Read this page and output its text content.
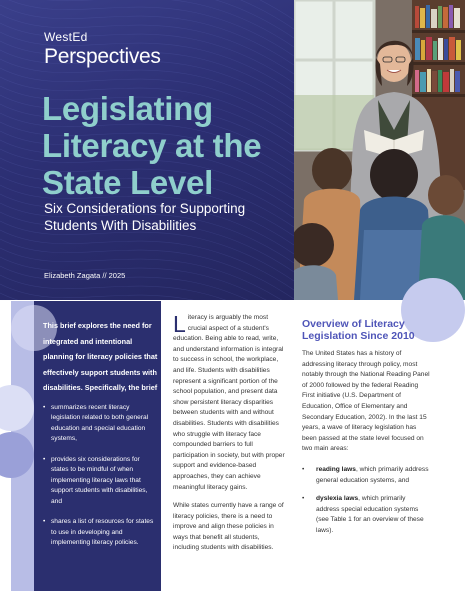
WestEd
Perspectives
Legislating Literacy at the State Level
Six Considerations for Supporting Students With Disabilities
Elizabeth Zagata // 2025

This brief explores the need for integrated and intentional planning for literacy policies that effectively support students with disabilities. Specifically, the brief

• summarizes recent literacy legislation related to both general education and special education systems,
• provides six considerations for states to be mindful of when implementing literacy laws that support students with disabilities, and
• shares a list of resources for states to use in developing and implementing literacy policies.

Literacy is arguably the most crucial aspect of a student's education. Being able to read, write, and understand information is integral to success in school, the workplace, and life. Students with disabilities represent a significant portion of the school population, and present data show persistent literacy disparities between students with and without disabilities. Students with disabilities who struggle with literacy face compounded barriers to full participation in society, but with proper support and evidence-based approaches, they can achieve meaningful literacy gains.

While states currently have a range of literacy policies, there is a need to improve and align these policies in ways that benefit all students, including students with disabilities.

Overview of Literacy Legislation Since 2010

The United States has a history of addressing literacy through policy, most notably through the National Reading Panel of 2000 followed by the federal Reading First initiative (U.S. Department of Education, Office of Elementary and Secondary Education, 2002). In the last 15 years, a wave of literacy legislation has been passed at the state level focused on two main areas:

• reading laws, which primarily address general education systems, and
• dyslexia laws, which primarily address special education systems (see Table 1 for an overview of these laws).
